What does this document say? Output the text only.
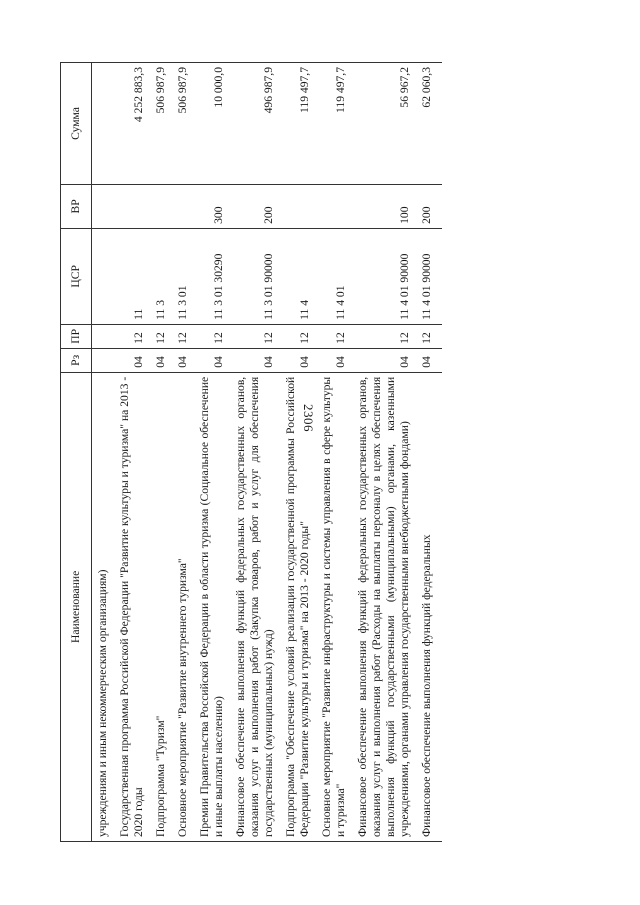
2306
Наименование	Рз	ПР	ЦСР	ВР	Сумма
учреждениям и иным некоммерческим организациям)					
Государственная программа Российской Федерации "Развитие культуры и туризма" на 2013 - 2020 годы	04	12	11		4 252 883,3
Подпрограмма "Туризм"	04	12	11 3		506 987,9
Основное мероприятие "Развитие внутреннего туризма"	04	12	11 3 01		506 987,9
Премии Правительства Российской Федерации в области туризма (Социальное обеспечение и иные выплаты населению)	04	12	11 3 01 30290	300	10 000,0
Финансовое обеспечение выполнения функций федеральных государственных органов, оказания услуг и выполнения работ (Закупка товаров, работ и услуг для обеспечения государственных (муниципальных) нужд)	04	12	11 3 01 90000	200	496 987,9
Подпрограмма "Обеспечение условий реализации государственной программы Российской Федерации "Развитие культуры и туризма" на 2013 - 2020 годы"	04	12	11 4		119 497,7
Основное мероприятие "Развитие инфраструктуры и системы управления в сфере культуры и туризма"	04	12	11 4 01		119 497,7
Финансовое обеспечение выполнения функций федеральных государственных органов, оказания услуг и выполнения работ (Расходы на выплаты персоналу в целях обеспечения выполнения функций государственными (муниципальными) органами, казенными учреждениями, органами управления государственными внебюджетными фондами)	04	12	11 4 01 90000	100	56 967,2
Финансовое обеспечение выполнения функций федеральных	04	12	11 4 01 90000	200	62 060,3
